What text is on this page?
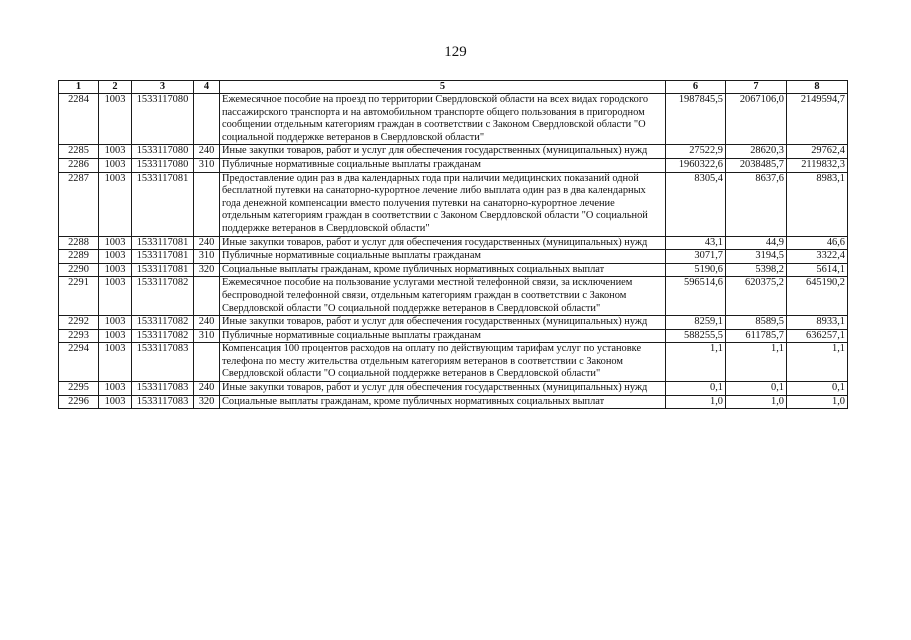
129
1	2	3	4	5	6	7	8
2284	1003	1533117080		Ежемесячное пособие на проезд по территории Свердловской области на всех видах городского пассажирского транспорта и на автомобильном транспорте общего пользования в пригородном сообщении отдельным категориям граждан в соответствии с Законом Свердловской области "О социальной поддержке ветеранов в Свердловской области"	1987845,5	2067106,0	2149594,7
2285	1003	1533117080	240	Иные закупки товаров, работ и услуг для обеспечения государственных (муниципальных) нужд	27522,9	28620,3	29762,4
2286	1003	1533117080	310	Публичные нормативные социальные выплаты гражданам	1960322,6	2038485,7	2119832,3
2287	1003	1533117081		Предоставление один раз в два календарных года при наличии медицинских показаний одной бесплатной путевки на санаторно-курортное лечение либо выплата один раз в два календарных года денежной компенсации вместо получения путевки на санаторно-курортное лечение отдельным категориям граждан в соответствии с Законом Свердловской области "О социальной поддержке ветеранов в Свердловской области"	8305,4	8637,6	8983,1
2288	1003	1533117081	240	Иные закупки товаров, работ и услуг для обеспечения государственных (муниципальных) нужд	43,1	44,9	46,6
2289	1003	1533117081	310	Публичные нормативные социальные выплаты гражданам	3071,7	3194,5	3322,4
2290	1003	1533117081	320	Социальные выплаты гражданам, кроме публичных нормативных социальных выплат	5190,6	5398,2	5614,1
2291	1003	1533117082		Ежемесячное пособие на пользование услугами местной телефонной связи, за исключением беспроводной телефонной связи, отдельным категориям граждан в соответствии с Законом Свердловской области "О социальной поддержке ветеранов в Свердловской области"	596514,6	620375,2	645190,2
2292	1003	1533117082	240	Иные закупки товаров, работ и услуг для обеспечения государственных (муниципальных) нужд	8259,1	8589,5	8933,1
2293	1003	1533117082	310	Публичные нормативные социальные выплаты гражданам	588255,5	611785,7	636257,1
2294	1003	1533117083		Компенсация 100 процентов расходов на оплату по действующим тарифам услуг по установке телефона по месту жительства отдельным категориям ветеранов в соответствии с Законом Свердловской области "О социальной поддержке ветеранов в Свердловской области"	1,1	1,1	1,1
2295	1003	1533117083	240	Иные закупки товаров, работ и услуг для обеспечения государственных (муниципальных) нужд	0,1	0,1	0,1
2296	1003	1533117083	320	Социальные выплаты гражданам, кроме публичных нормативных социальных выплат	1,0	1,0	1,0
